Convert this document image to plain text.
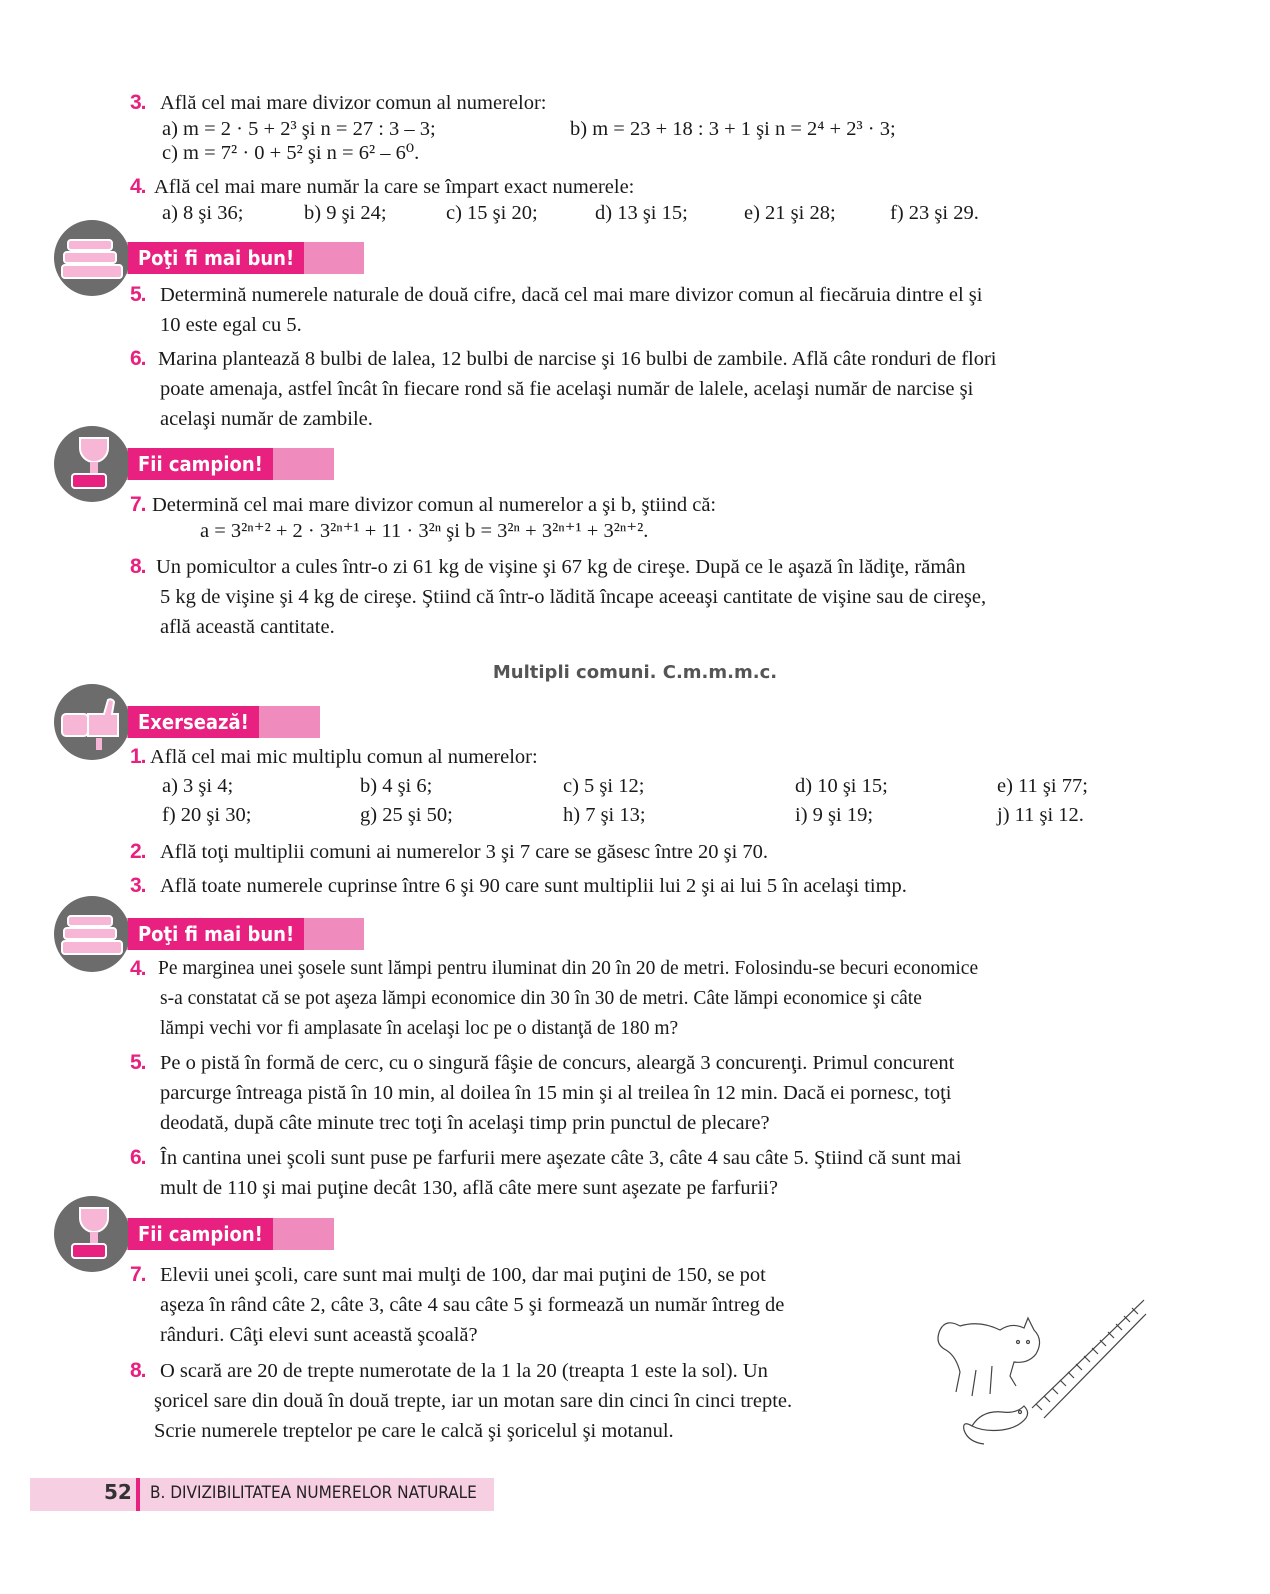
3. Află cel mai mare divizor comun al numerelor:
a) m = 2 · 5 + 2³ şi n = 27 : 3 – 3;	b) m = 23 + 18 : 3 + 1 şi n = 2⁴ + 2³ · 3;
c) m = 7² · 0 + 5² şi n = 6² – 6⁰.
4. Află cel mai mare număr la care se împart exact numerele:
a) 8 şi 36;	b) 9 şi 24;	c) 15 şi 20;	d) 13 şi 15;	e) 21 şi 28;	f) 23 şi 29.
Poţi fi mai bun!
5. Determină numerele naturale de două cifre, dacă cel mai mare divizor comun al fiecăruia dintre el şi
10 este egal cu 5.
6. Marina plantează 8 bulbi de lalea, 12 bulbi de narcise şi 16 bulbi de zambile. Află câte ronduri de flori
poate amenaja, astfel încât în fiecare rond să fie acelaşi număr de lalele, acelaşi număr de narcise şi
acelaşi număr de zambile.
Fii campion!
7. Determină cel mai mare divizor comun al numerelor a şi b, ştiind că:
a = 3²ⁿ⁺² + 2 · 3²ⁿ⁺¹ + 11 · 3²ⁿ şi b = 3²ⁿ + 3²ⁿ⁺¹ + 3²ⁿ⁺².
8. Un pomicultor a cules într-o zi 61 kg de vişine şi 67 kg de cireşe. După ce le aşază în lădiţe, rămân
5 kg de vişine şi 4 kg de cireşe. Ştiind că într-o lădită încape aceeaşi cantitate de vişine sau de cireşe,
află această cantitate.
Multipli comuni. C.m.m.m.c.
Exersează!
1. Află cel mai mic multiplu comun al numerelor:
a) 3 şi 4;	b) 4 şi 6;	c) 5 şi 12;	d) 10 şi 15;	e) 11 şi 77;
f) 20 şi 30;	g) 25 şi 50;	h) 7 şi 13;	i) 9 şi 19;	j) 11 şi 12.
2. Află toţi multiplii comuni ai numerelor 3 şi 7 care se găsesc între 20 şi 70.
3. Află toate numerele cuprinse între 6 şi 90 care sunt multiplii lui 2 şi ai lui 5 în acelaşi timp.
Poţi fi mai bun!
4. Pe marginea unei şosele sunt lămpi pentru iluminat din 20 în 20 de metri. Folosindu-se becuri economice
s-a constatat că se pot aşeza lămpi economice din 30 în 30 de metri. Câte lămpi economice şi câte
lămpi vechi vor fi amplasate în acelaşi loc pe o distanţă de 180 m?
5. Pe o pistă în formă de cerc, cu o singură fâşie de concurs, aleargă 3 concurenţi. Primul concurent
parcurge întreaga pistă în 10 min, al doilea în 15 min şi al treilea în 12 min. Dacă ei pornesc, toţi
deodată, după câte minute trec toţi în acelaşi timp prin punctul de plecare?
6. În cantina unei şcoli sunt puse pe farfurii mere aşezate câte 3, câte 4 sau câte 5. Ştiind că sunt mai
mult de 110 şi mai puţine decât 130, află câte mere sunt aşezate pe farfurii?
Fii campion!
7. Elevii unei şcoli, care sunt mai mulţi de 100, dar mai puţini de 150, se pot
aşeza în rând câte 2, câte 3, câte 4 sau câte 5 şi formează un număr întreg de
rânduri. Câţi elevi sunt această şcoală?
8. O scară are 20 de trepte numerotate de la 1 la 20 (treapta 1 este la sol). Un
şoricel sare din două în două trepte, iar un motan sare din cinci în cinci trepte.
Scrie numerele treptelor pe care le calcă şi şoricelul şi motanul.
52 B. DIVIZIBILITATEA NUMERELOR NATURALE
